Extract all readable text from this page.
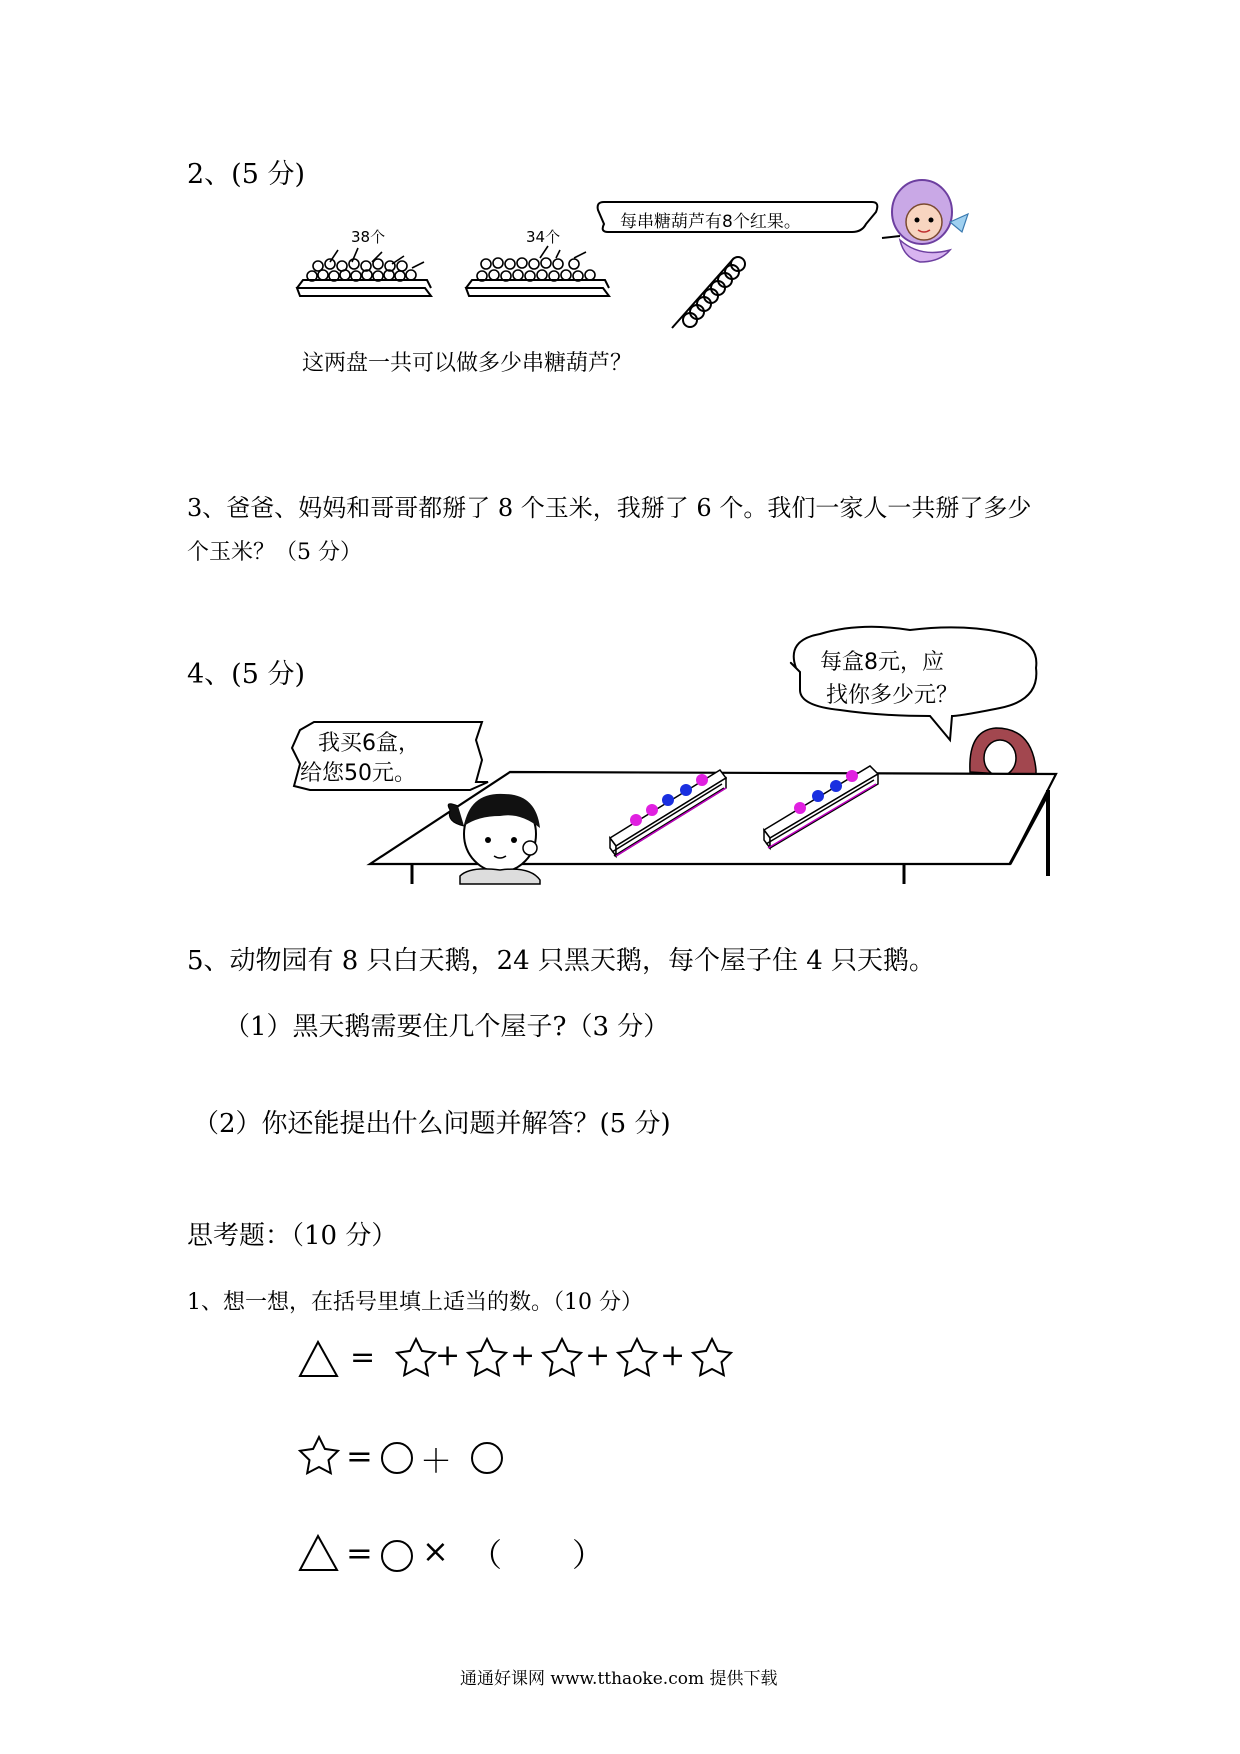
2、(5 分)
38个	34个
每串糖葫芦有8个红果。
这两盘一共可以做多少串糖葫芦？
3、爸爸、妈妈和哥哥都掰了 8 个玉米，我掰了 6 个。我们一家人一共掰了多少
个玉米？（5 分）
4、(5 分)	每盒8元，应
找你多少元？
我买6盒，
给您50元。
5、动物园有 8 只白天鹅，24 只黑天鹅，每个屋子住 4 只天鹅。
（1）黑天鹅需要住几个屋子?（3 分）
（2）你还能提出什么问题并解答？(5 分)
思考题：（10 分）
1、想一想，在括号里填上适当的数。（10 分）
= + + + +
= ＋
= × （ ）
通通好课网 www.tthaoke.com 提供下载
